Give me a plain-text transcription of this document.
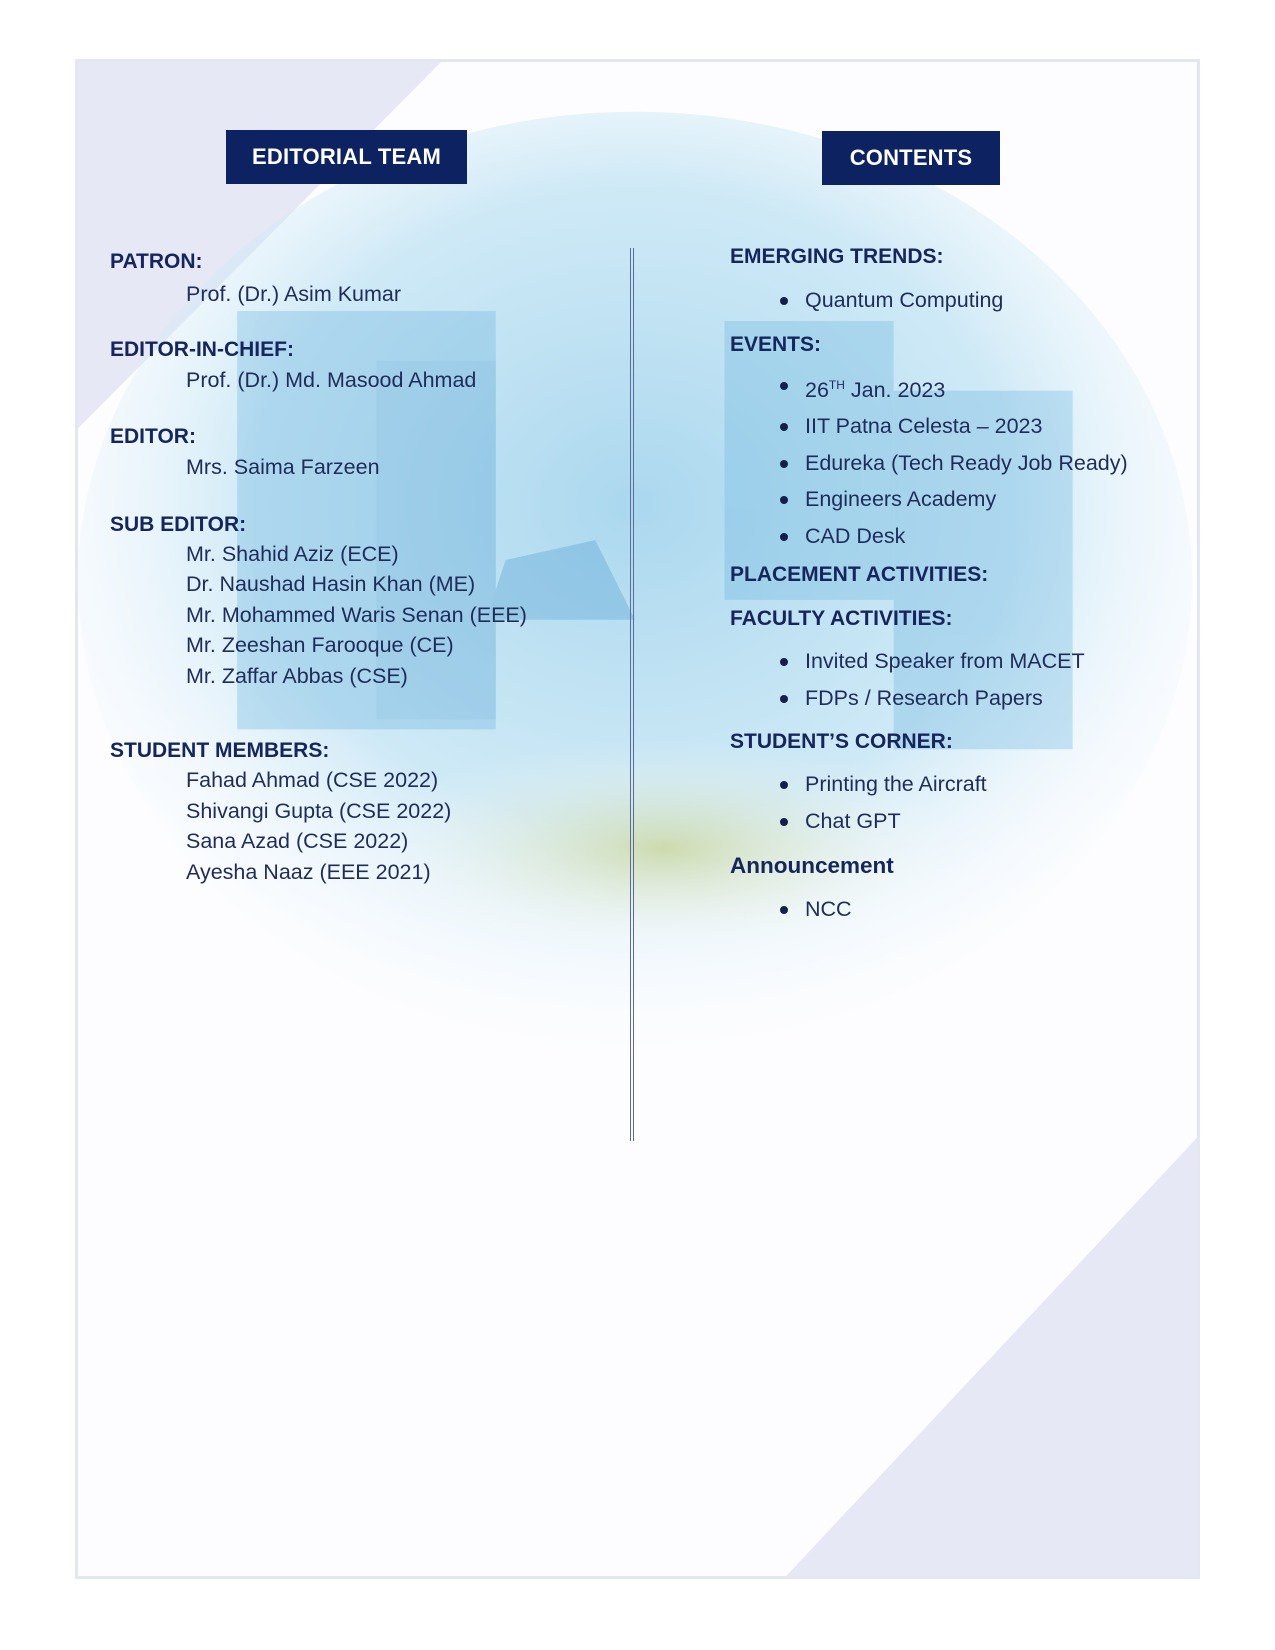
EDITORIAL TEAM	CONTENTS
PATRON:
Prof. (Dr.) Asim Kumar
EDITOR-IN-CHIEF:
Prof. (Dr.) Md. Masood Ahmad
EDITOR:
Mrs. Saima Farzeen
SUB EDITOR:
Mr. Shahid Aziz (ECE)
Dr. Naushad Hasin Khan (ME)
Mr. Mohammed Waris Senan (EEE)
Mr. Zeeshan Farooque (CE)
Mr. Zaffar Abbas (CSE)
STUDENT MEMBERS:
Fahad Ahmad (CSE 2022)
Shivangi Gupta (CSE 2022)
Sana Azad (CSE 2022)
Ayesha Naaz (EEE 2021)
EMERGING TRENDS:
Quantum Computing
EVENTS:
26TH Jan. 2023
IIT Patna Celesta – 2023
Edureka (Tech Ready Job Ready)
Engineers Academy
CAD Desk
PLACEMENT ACTIVITIES:
FACULTY ACTIVITIES:
Invited Speaker from MACET
FDPs / Research Papers
STUDENT’S CORNER:
Printing the Aircraft
Chat GPT
Announcement
NCC
